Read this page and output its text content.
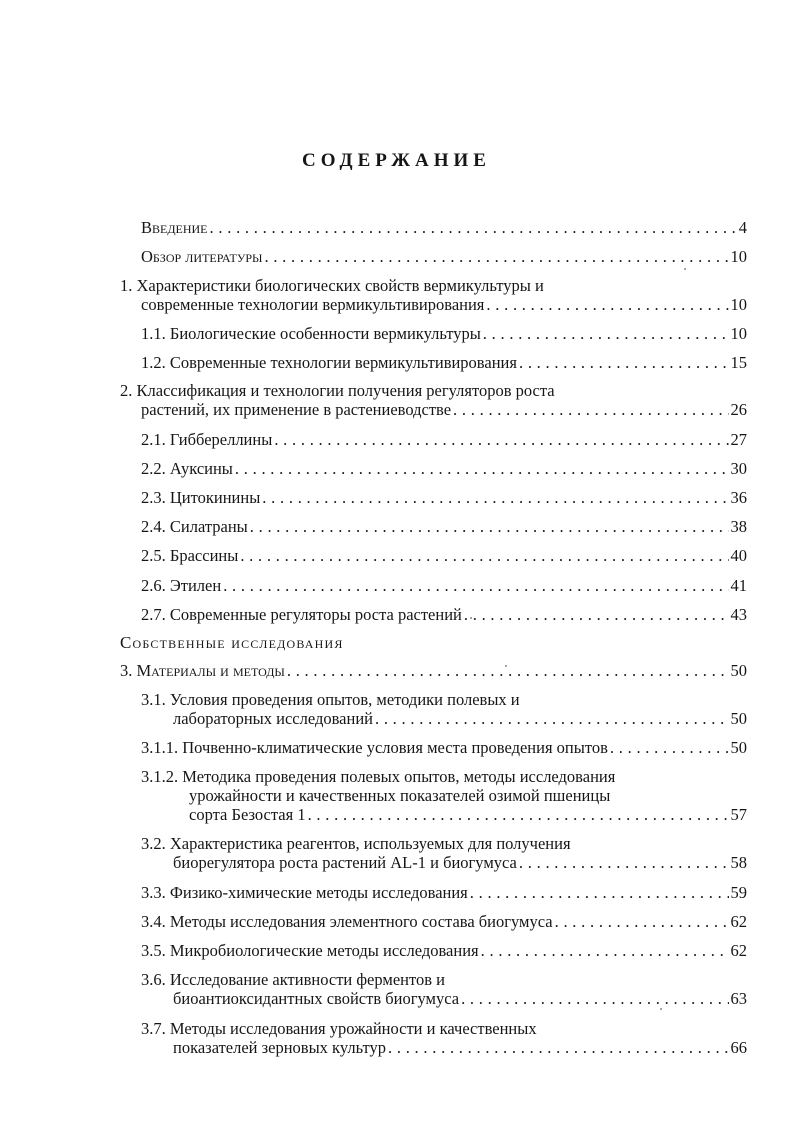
СОДЕРЖАНИЕ
Введение . . .	4
Обзор литературы . . .	10
1. Характеристики биологических свойств вермикультуры и
современные технологии вермикультивирования . . .	10
1.1. Биологические особенности вермикультуры . . .	10
1.2. Современные технологии вермикультивирования . . .	15
2. Классификация и технологии получения регуляторов роста
растений, их применение в растениеводстве . . .	26
2.1. Гиббереллины . . .	27
2.2. Ауксины . . .	30
2.3. Цитокинины . . .	36
2.4. Силатраны . . .	38
2.5. Брассины . . .	40
2.6. Этилен . . .	41
2.7. Современные регуляторы роста растений . . .	43
Собственные исследования
3. Материалы и методы . . .	50
3.1. Условия проведения опытов, методики полевых и
лабораторных исследований . . .	50
3.1.1. Почвенно-климатические условия места проведения опытов . . .	50
3.1.2. Методика проведения полевых опытов, методы исследования
урожайности и качественных показателей озимой пшеницы
сорта Безостая 1 . . .	57
3.2. Характеристика реагентов, используемых для получения
биорегулятора роста растений AL-1 и биогумуса . . .	58
3.3. Физико-химические методы исследования . . .	59
3.4. Методы исследования элементного состава биогумуса . . .	62
3.5. Микробиологические методы исследования . . .	62
3.6. Исследование активности ферментов и
биоантиоксидантных свойств биогумуса . . .	63
3.7. Методы исследования урожайности и качественных
показателей зерновых культур . . .	66
